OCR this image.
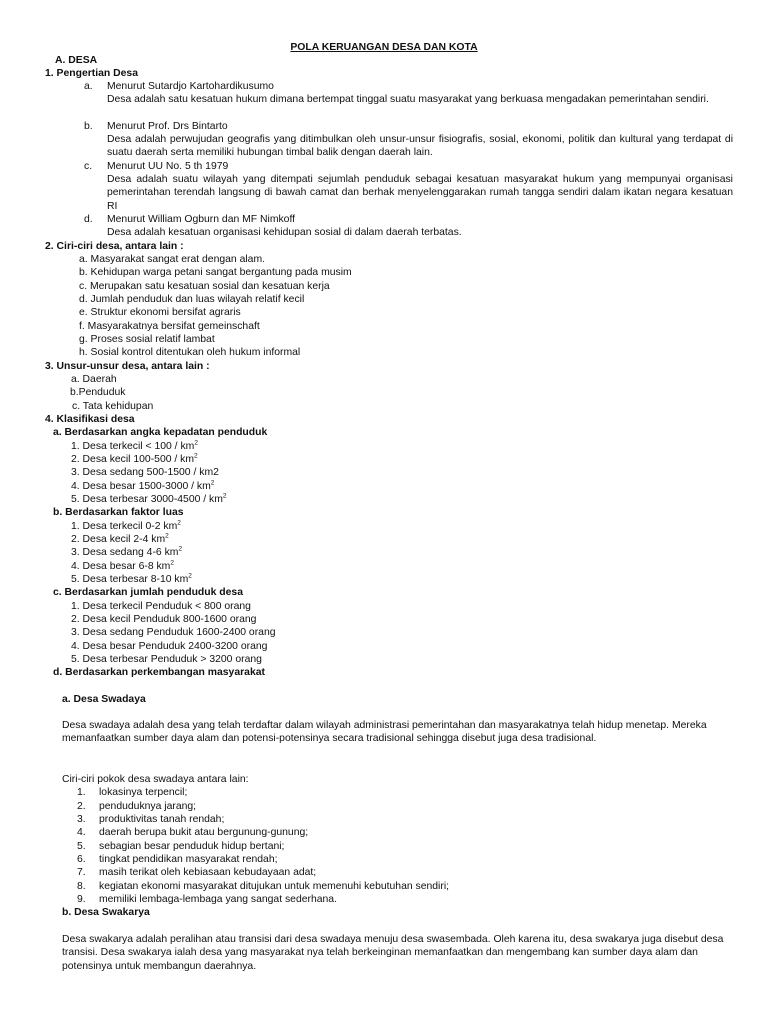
POLA KERUANGAN DESA DAN KOTA
A. DESA
1. Pengertian Desa
a. Menurut Sutardjo Kartohardikusumo
Desa adalah satu kesatuan hukum dimana bertempat tinggal suatu masyarakat yang berkuasa mengadakan pemerintahan sendiri.
b. Menurut Prof. Drs Bintarto
Desa adalah perwujudan geografis yang ditimbulkan oleh unsur-unsur fisiografis, sosial, ekonomi, politik dan kultural yang terdapat di suatu daerah serta memiliki hubungan timbal balik dengan daerah lain.
c. Menurut UU No. 5 th 1979
Desa adalah suatu wilayah yang ditempati sejumlah penduduk sebagai kesatuan masyarakat hukum yang mempunyai organisasi pemerintahan terendah langsung di bawah camat dan berhak menyelenggarakan rumah tangga sendiri dalam ikatan negara kesatuan RI
d. Menurut William Ogburn dan MF Nimkoff
Desa adalah kesatuan organisasi kehidupan sosial di dalam daerah terbatas.
2. Ciri-ciri desa, antara lain :
a. Masyarakat sangat erat dengan alam.
b. Kehidupan warga petani sangat bergantung pada musim
c. Merupakan satu kesatuan sosial dan kesatuan kerja
d. Jumlah penduduk dan luas wilayah relatif kecil
e. Struktur ekonomi bersifat agraris
f. Masyarakatnya bersifat gemeinschaft
g. Proses sosial relatif lambat
h. Sosial kontrol ditentukan oleh hukum informal
3. Unsur-unsur desa, antara lain :
a. Daerah
b.Penduduk
c. Tata kehidupan
4. Klasifikasi desa
a. Berdasarkan angka kepadatan penduduk
1. Desa terkecil < $100 / km^2$
2. Desa kecil $100-500 / km^2$
3. Desa sedang 500-1500 / km2
4. Desa besar $1500-3000 / km^2$
5. Desa terbesar $3000-4500 / km^2$
b. Berdasarkan faktor luas
1. Desa terkecil 0-2 $km^2$
2. Desa kecil 2-4 $km^2$
3. Desa sedang 4-6 $km^2$
4. Desa besar 6-8 $km^2$
5. Desa terbesar 8-10 $km^2$
c. Berdasarkan jumlah penduduk desa
1. Desa terkecil Penduduk < 800 orang
2. Desa kecil Penduduk 800-1600 orang
3. Desa sedang Penduduk 1600-2400 orang
4. Desa besar Penduduk 2400-3200 orang
5. Desa terbesar Penduduk > 3200 orang
d. Berdasarkan perkembangan masyarakat
a. Desa Swadaya
Desa swadaya adalah desa yang telah terdaftar dalam wilayah administrasi pemerintahan dan masyarakatnya telah hidup menetap. Mereka memanfaatkan sumber daya alam dan potensi-potensinya secara tradisional sehingga disebut juga desa tradisional.
Ciri-ciri pokok desa swadaya antara lain:
1. lokasinya terpencil;
2. penduduknya jarang;
3. produktivitas tanah rendah;
4. daerah berupa bukit atau bergunung-gunung;
5. sebagian besar penduduk hidup bertani;
6. tingkat pendidikan masyarakat rendah;
7. masih terikat oleh kebiasaan kebudayaan adat;
8. kegiatan ekonomi masyarakat ditujukan untuk memenuhi kebutuhan sendiri;
9. memiliki lembaga-lembaga yang sangat sederhana.
b. Desa Swakarya
Desa swakarya adalah peralihan atau transisi dari desa swadaya menuju desa swasembada. Oleh karena itu, desa swakarya juga disebut desa transisi. Desa swakarya ialah desa yang masyarakat nya telah berkeinginan memanfaatkan dan mengembang kan sumber daya alam dan potensinya untuk membangun daerahnya.
